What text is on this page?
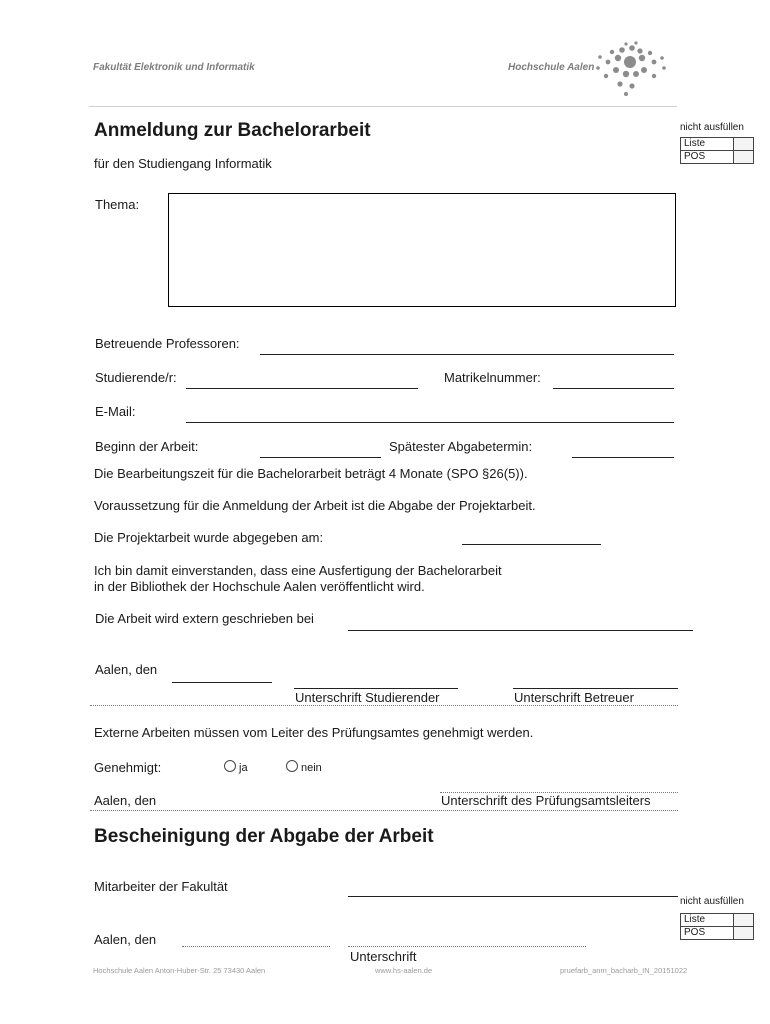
Fakultät Elektronik und Informatik	Hochschule Aalen
nicht ausfüllen
Liste	
POS	
Anmeldung zur Bachelorarbeit
für den Studiengang Informatik
Thema:
Betreuende Professoren:
Studierende/r:	Matrikelnummer:
E-Mail:
Beginn der Arbeit:	Spätester Abgabetermin:
Die Bearbeitungszeit für die Bachelorarbeit beträgt 4 Monate (SPO §26(5)).
Voraussetzung für die Anmeldung der Arbeit ist die Abgabe der Projektarbeit.
Die Projektarbeit wurde abgegeben am:
Ich bin damit einverstanden, dass eine Ausfertigung der Bachelorarbeit
in der Bibliothek der Hochschule Aalen veröffentlicht wird.
Die Arbeit wird extern geschrieben bei
Aalen, den
Unterschrift Studierender	Unterschrift Betreuer
Externe Arbeiten müssen vom Leiter des Prüfungsamtes genehmigt werden.
Genehmigt:	ja	nein
Aalen, den	Unterschrift des Prüfungsamtsleiters
Bescheinigung der Abgabe der Arbeit
Mitarbeiter der Fakultät
nicht ausfüllen
Liste	
POS	
Aalen, den
Unterschrift
Hochschule Aalen Anton-Huber-Str. 25 73430 Aalen	www.hs-aalen.de	pruefarb_anm_bacharb_IN_20151022
